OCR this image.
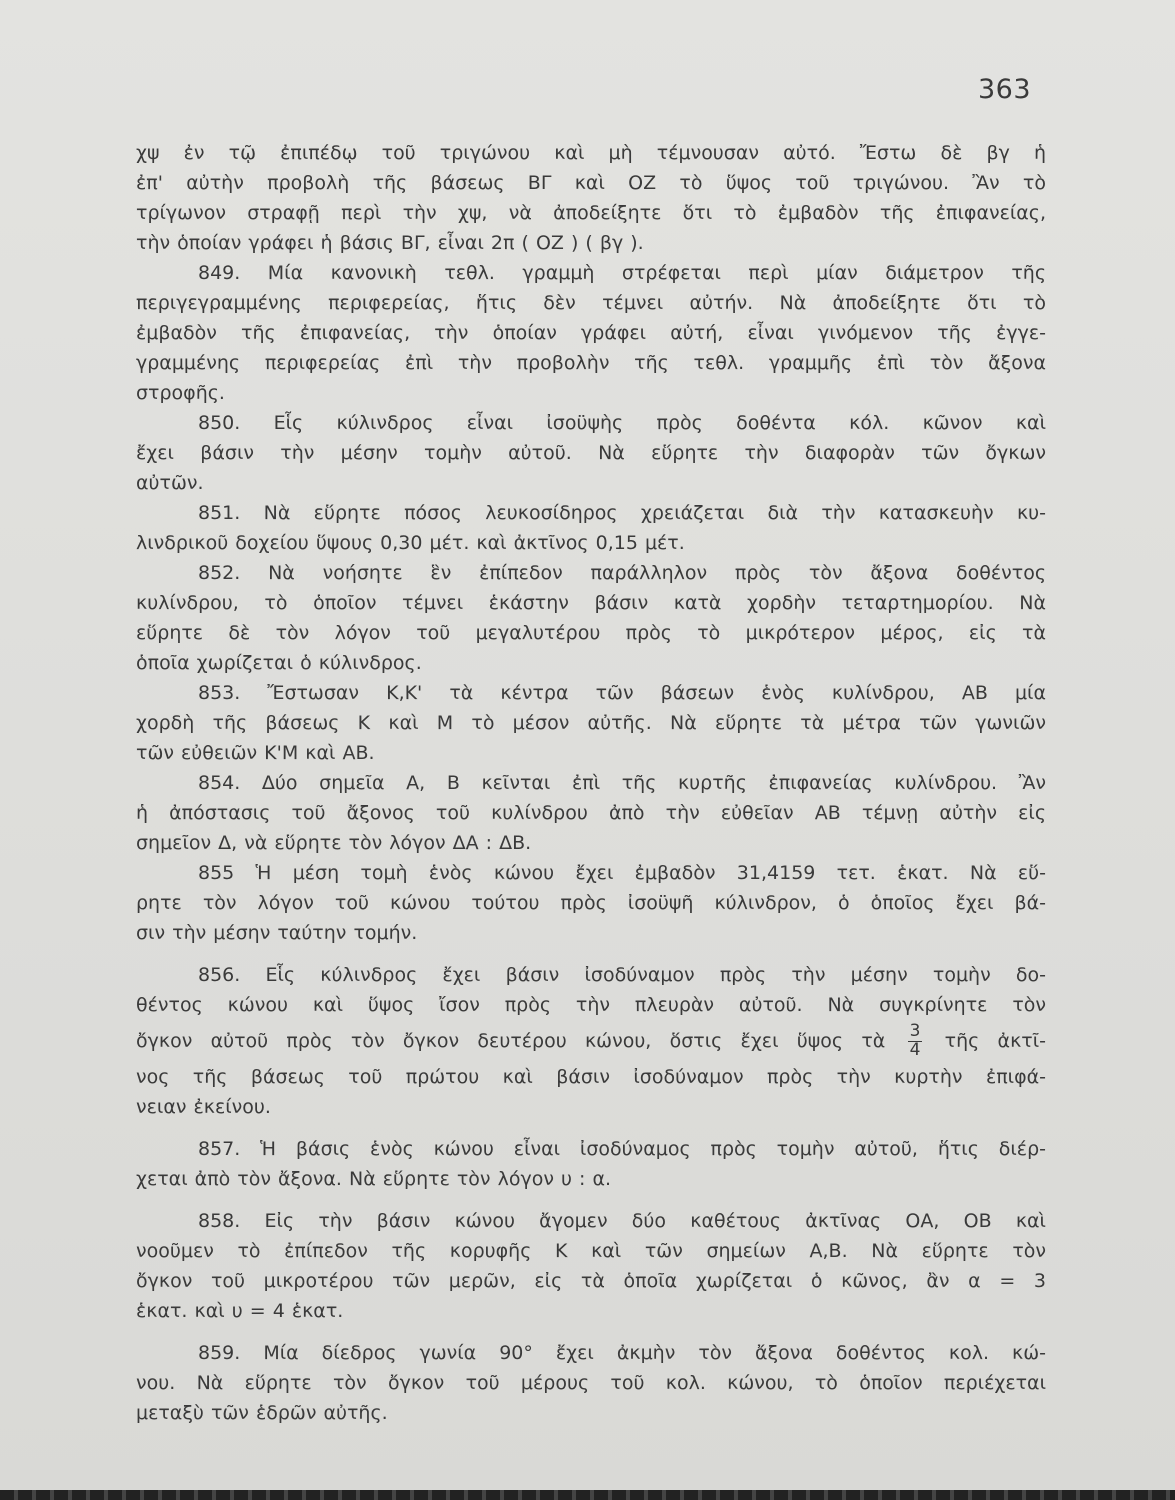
363
χψ ἐν τῷ ἐπιπέδῳ τοῦ τριγώνου καὶ μὴ τέμνουσαν αὐτό. Ἔστω δὲ βγ ἡ
ἐπ' αὐτὴν προβολὴ τῆς βάσεως ΒΓ καὶ ΟΖ τὸ ὕψος τοῦ τριγώνου. Ἂν τὸ
τρίγωνον στραφῇ περὶ τὴν χψ, νὰ ἀποδείξητε ὅτι τὸ ἐμβαδὸν τῆς ἐπιφανείας,
τὴν ὁποίαν γράφει ἡ βάσις ΒΓ, εἶναι 2π ( ΟΖ ) ( βγ ).
849. Μία κανονικὴ τεθλ. γραμμὴ στρέφεται περὶ μίαν διάμετρον τῆς
περιγεγραμμένης περιφερείας, ἥτις δὲν τέμνει αὐτήν. Νὰ ἀποδείξητε ὅτι τὸ
ἐμβαδὸν τῆς ἐπιφανείας, τὴν ὁποίαν γράφει αὐτή, εἶναι γινόμενον τῆς ἐγγε-
γραμμένης περιφερείας ἐπὶ τὴν προβολὴν τῆς τεθλ. γραμμῆς ἐπὶ τὸν ἄξονα
στροφῆς.
850. Εἷς κύλινδρος εἶναι ἰσοϋψὴς πρὸς δοθέντα κόλ. κῶνον καὶ
ἔχει βάσιν τὴν μέσην τομὴν αὐτοῦ. Νὰ εὕρητε τὴν διαφορὰν τῶν ὄγκων
αὐτῶν.
851. Νὰ εὕρητε πόσος λευκοσίδηρος χρειάζεται διὰ τὴν κατασκευὴν κυ-
λινδρικοῦ δοχείου ὕψους 0,30 μέτ. καὶ ἀκτῖνος 0,15 μέτ.
852. Νὰ νοήσητε ἓν ἐπίπεδον παράλληλον πρὸς τὸν ἄξονα δοθέντος
κυλίνδρου, τὸ ὁποῖον τέμνει ἑκάστην βάσιν κατὰ χορδὴν τεταρτημορίου. Νὰ
εὕρητε δὲ τὸν λόγον τοῦ μεγαλυτέρου πρὸς τὸ μικρότερον μέρος, εἰς τὰ
ὁποῖα χωρίζεται ὁ κύλινδρος.
853. Ἔστωσαν Κ,Κ' τὰ κέντρα τῶν βάσεων ἑνὸς κυλίνδρου, ΑΒ μία
χορδὴ τῆς βάσεως Κ καὶ Μ τὸ μέσον αὐτῆς. Νὰ εὕρητε τὰ μέτρα τῶν γωνιῶν
τῶν εὐθειῶν Κ'Μ καὶ ΑΒ.
854. Δύο σημεῖα Α, Β κεῖνται ἐπὶ τῆς κυρτῆς ἐπιφανείας κυλίνδρου. Ἂν
ἡ ἀπόστασις τοῦ ἄξονος τοῦ κυλίνδρου ἀπὸ τὴν εὐθεῖαν ΑΒ τέμνῃ αὐτὴν εἰς
σημεῖον Δ, νὰ εὕρητε τὸν λόγον ΔΑ : ΔΒ.
855 Ἡ μέση τομὴ ἑνὸς κώνου ἔχει ἐμβαδὸν 31,4159 τετ. ἑκατ. Νὰ εὕ-
ρητε τὸν λόγον τοῦ κώνου τούτου πρὸς ἰσοϋψῆ κύλινδρον, ὁ ὁποῖος ἔχει βά-
σιν τὴν μέσην ταύτην τομήν.
856. Εἷς κύλινδρος ἔχει βάσιν ἰσοδύναμον πρὸς τὴν μέσην τομὴν δο-
θέντος κώνου καὶ ὕψος ἴσον πρὸς τὴν πλευρὰν αὐτοῦ. Νὰ συγκρίνητε τὸν
ὄγκον αὐτοῦ πρὸς τὸν ὄγκον δευτέρου κώνου, ὅστις ἔχει ὕψος τὰ $\frac{3}{4}$ τῆς ἀκτῖ-
νος τῆς βάσεως τοῦ πρώτου καὶ βάσιν ἰσοδύναμον πρὸς τὴν κυρτὴν ἐπιφά-
νειαν ἐκείνου.
857. Ἡ βάσις ἑνὸς κώνου εἶναι ἰσοδύναμος πρὸς τομὴν αὐτοῦ, ἥτις διέρ-
χεται ἀπὸ τὸν ἄξονα. Νὰ εὕρητε τὸν λόγον υ : α.
858. Εἰς τὴν βάσιν κώνου ἄγομεν δύο καθέτους ἀκτῖνας ΟΑ, ΟΒ καὶ
νοοῦμεν τὸ ἐπίπεδον τῆς κορυφῆς Κ καὶ τῶν σημείων Α,Β. Νὰ εὕρητε τὸν
ὄγκον τοῦ μικροτέρου τῶν μερῶν, εἰς τὰ ὁποῖα χωρίζεται ὁ κῶνος, ἂν α = 3
ἑκατ. καὶ υ = 4 ἑκατ.
859. Μία δίεδρος γωνία 90° ἔχει ἀκμὴν τὸν ἄξονα δοθέντος κολ. κώ-
νου. Νὰ εὕρητε τὸν ὄγκον τοῦ μέρους τοῦ κολ. κώνου, τὸ ὁποῖον περιέχεται
μεταξὺ τῶν ἑδρῶν αὐτῆς.
